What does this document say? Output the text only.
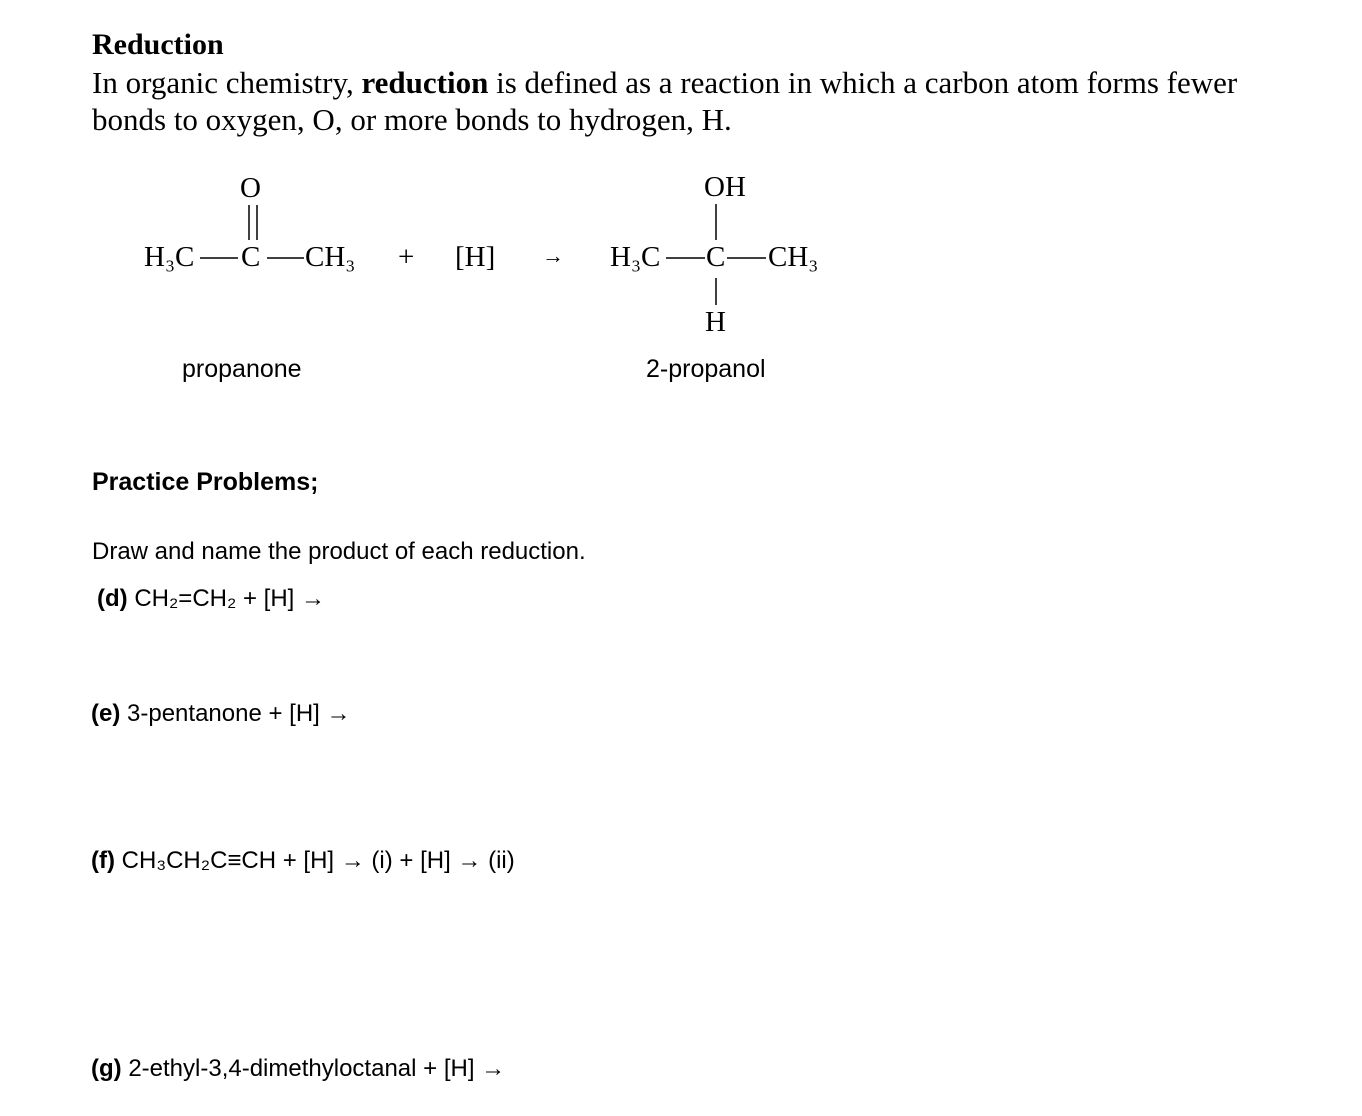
Reduction
In organic chemistry, reduction is defined as a reaction in which a carbon atom forms fewer bonds to oxygen, O, or more bonds to hydrogen, H.
O
H₃C C CH₃ + [H] →
OH
H₃C C CH₃
H
propanone	2-propanol
Practice Problems;
Draw and name the product of each reduction.
(d) CH₂=CH₂ + [H] →
(e) 3-pentanone + [H] →
(f) CH₃CH₂C≡CH + [H] → (i) + [H] → (ii)
(g) 2-ethyl-3,4-dimethyloctanal + [H] →
